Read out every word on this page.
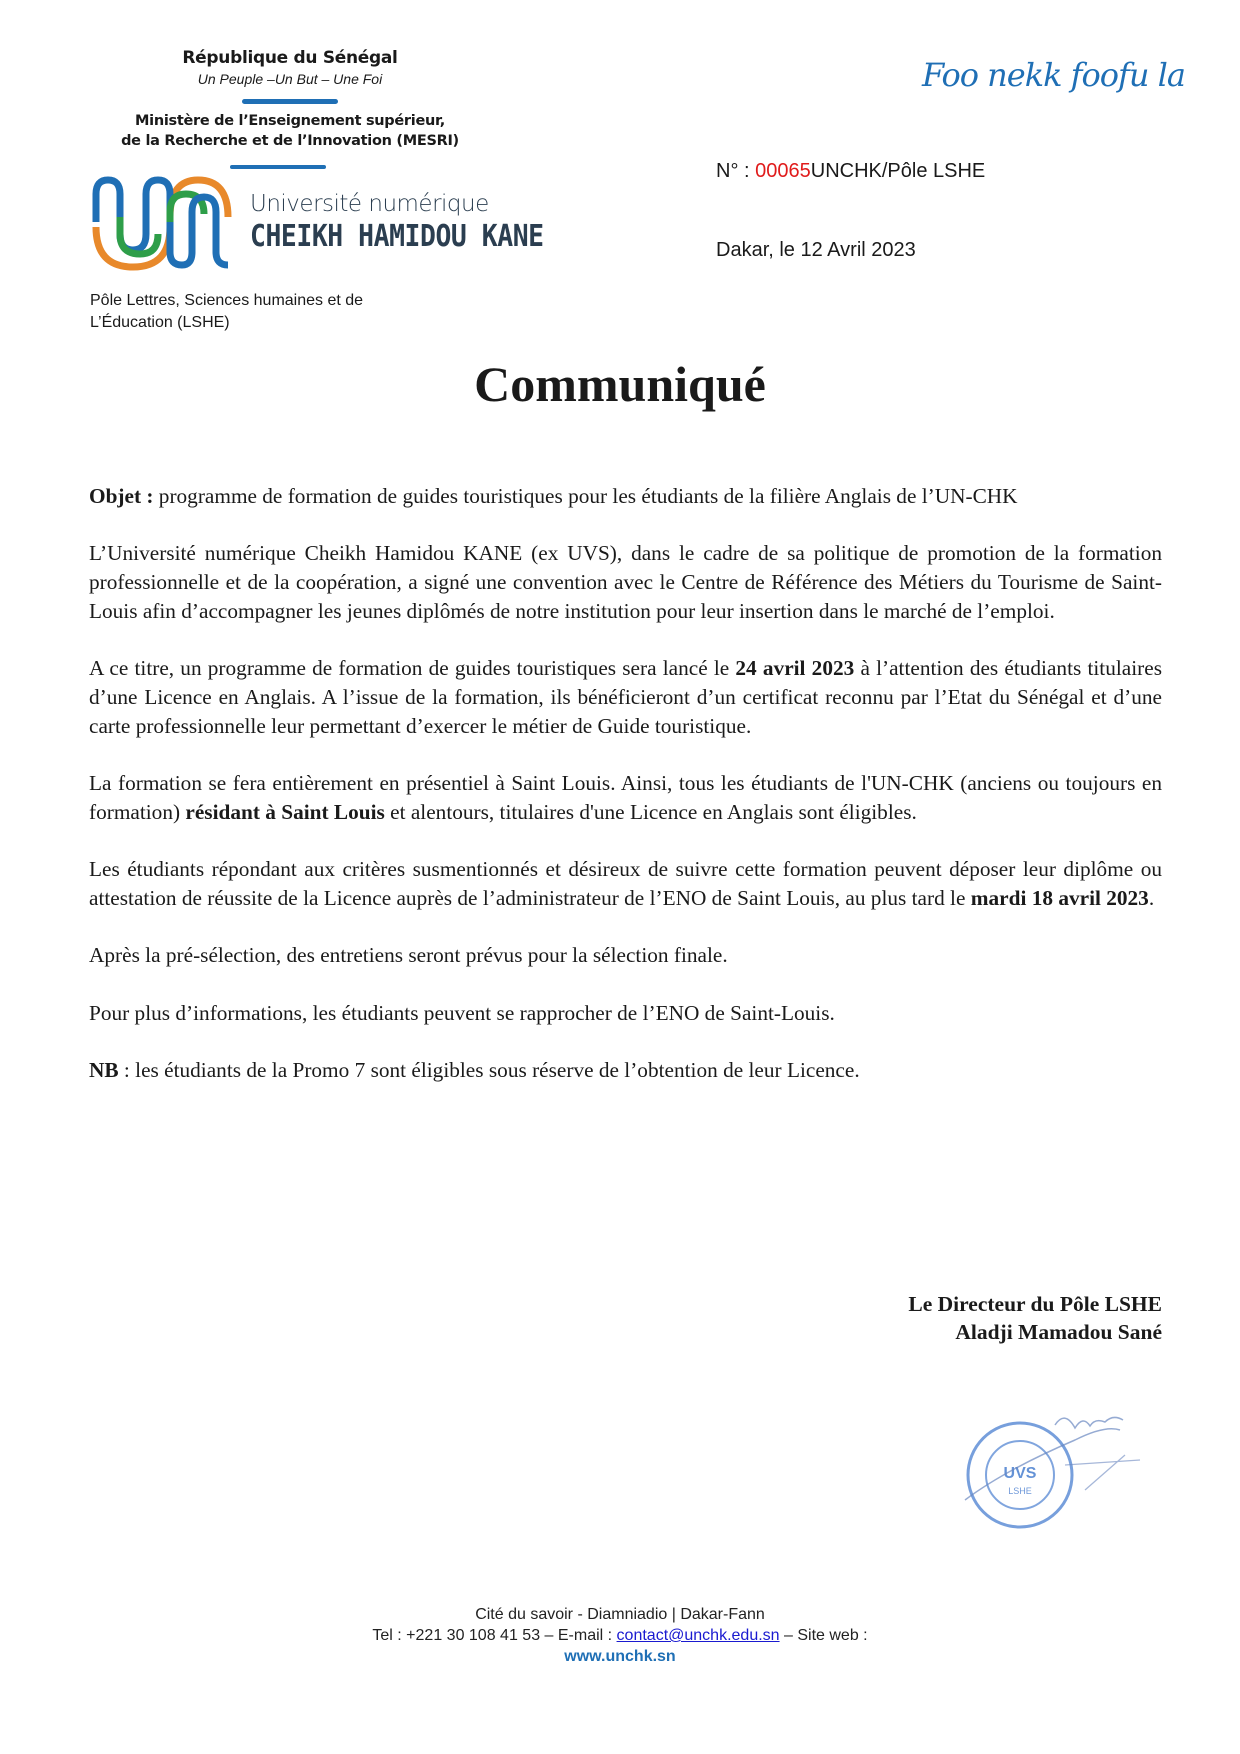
République du Sénégal
Un Peuple –Un But – Une Foi
Ministère de l’Enseignement supérieur,
de la Recherche et de l’Innovation (MESRI)
Université numérique
CHEIKH HAMIDOU KANE
Pôle Lettres, Sciences humaines et de
L’Éducation (LSHE)
Foo nekk foofu la
N° : 00065UNCHK/Pôle LSHE
Dakar, le 12 Avril 2023
Communiqué

Objet : programme de formation de guides touristiques pour les étudiants de la filière Anglais de l’UN-CHK

L’Université numérique Cheikh Hamidou KANE (ex UVS), dans le cadre de sa politique de promotion de la formation professionnelle et de la coopération, a signé une convention avec le Centre de Référence des Métiers du Tourisme de Saint-Louis afin d’accompagner les jeunes diplômés de notre institution pour leur insertion dans le marché de l’emploi.

A ce titre, un programme de formation de guides touristiques sera lancé le 24 avril 2023 à l’attention des étudiants titulaires d’une Licence en Anglais. A l’issue de la formation, ils bénéficieront d’un certificat reconnu par l’Etat du Sénégal et d’une carte professionnelle leur permettant d’exercer le métier de Guide touristique.

La formation se fera entièrement en présentiel à Saint Louis. Ainsi, tous les étudiants de l'UN-CHK (anciens ou toujours en formation) résidant à Saint Louis et alentours, titulaires d'une Licence en Anglais sont éligibles.

Les étudiants répondant aux critères susmentionnés et désireux de suivre cette formation peuvent déposer leur diplôme ou attestation de réussite de la Licence auprès de l’administrateur de l’ENO de Saint Louis, au plus tard le mardi 18 avril 2023.

Après la pré-sélection, des entretiens seront prévus pour la sélection finale.

Pour plus d’informations, les étudiants peuvent se rapprocher de l’ENO de Saint-Louis.

NB : les étudiants de la Promo 7 sont éligibles sous réserve de l’obtention de leur Licence.

Le Directeur du Pôle LSHE
Aladji Mamadou Sané
UVS
LSHE
Cité du savoir - Diamniadio | Dakar-Fann
Tel : +221 30 108 41 53 – E-mail : contact@unchk.edu.sn – Site web :
www.unchk.sn
